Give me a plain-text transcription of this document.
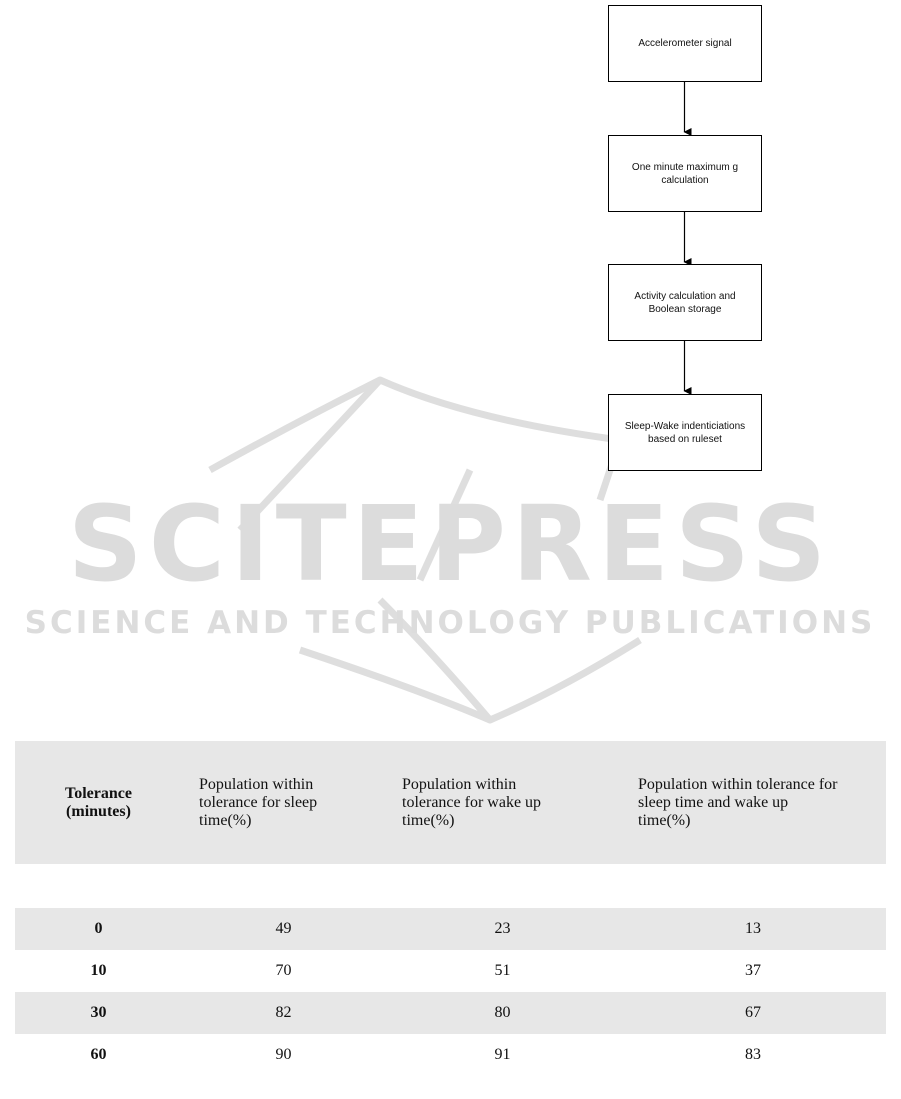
SCITEPRESS
SCIENCE AND TECHNOLOGY PUBLICATIONS
Accelerometer signal
One minute maximum g calculation
Activity calculation and Boolean storage
Sleep-Wake indenticiations based on ruleset
Tolerance (minutes)	Population within tolerance for sleep time(%)	Population within tolerance for wake up time(%)	Population within tolerance for sleep time and wake up time(%)

0	49	23	13
10	70	51	37
30	82	80	67
60	90	91	83
